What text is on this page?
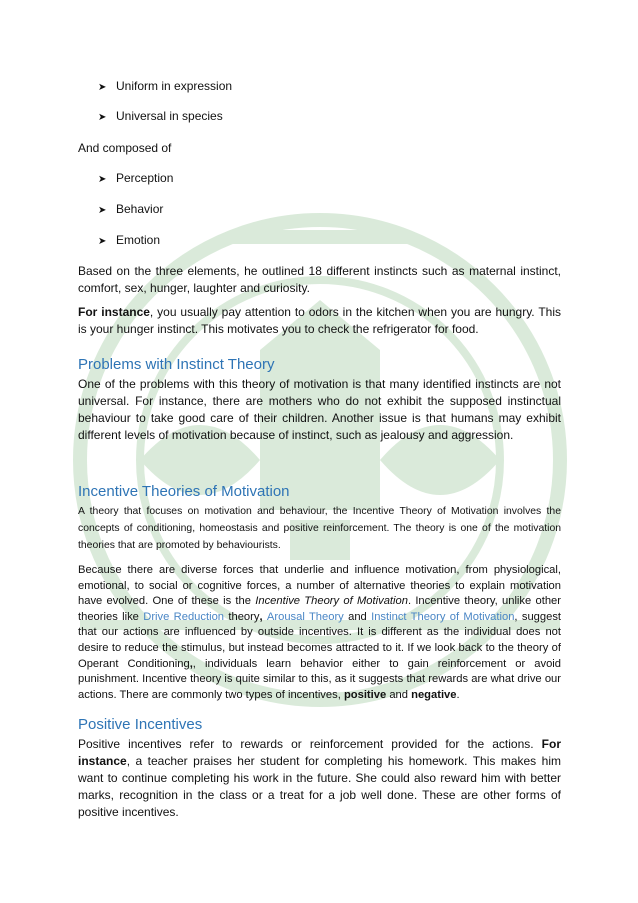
➤ Uniform in expression
➤ Universal in species
And composed of
➤ Perception
➤ Behavior
➤ Emotion
Based on the three elements, he outlined 18 different instincts such as maternal instinct, comfort, sex, hunger, laughter and curiosity.
For instance, you usually pay attention to odors in the kitchen when you are hungry. This is your hunger instinct. This motivates you to check the refrigerator for food.
Problems with Instinct Theory
One of the problems with this theory of motivation is that many identified instincts are not universal. For instance, there are mothers who do not exhibit the supposed instinctual behaviour to take good care of their children. Another issue is that humans may exhibit different levels of motivation because of instinct, such as jealousy and aggression.
Incentive Theories of Motivation
A theory that focuses on motivation and behaviour, the Incentive Theory of Motivation involves the concepts of conditioning, homeostasis and positive reinforcement. The theory is one of the motivation theories that are promoted by behaviourists.
Because there are diverse forces that underlie and influence motivation, from physiological, emotional, to social or cognitive forces, a number of alternative theories to explain motivation have evolved. One of these is the Incentive Theory of Motivation. Incentive theory, unlike other theories like Drive Reduction theory, Arousal Theory and Instinct Theory of Motivation, suggest that our actions are influenced by outside incentives. It is different as the individual does not desire to reduce the stimulus, but instead becomes attracted to it. If we look back to the theory of Operant Conditioning,, individuals learn behavior either to gain reinforcement or avoid punishment. Incentive theory is quite similar to this, as it suggests that rewards are what drive our actions. There are commonly two types of incentives, positive and negative.
Positive Incentives
Positive incentives refer to rewards or reinforcement provided for the actions. For instance, a teacher praises her student for completing his homework. This makes him want to continue completing his work in the future. She could also reward him with better marks, recognition in the class or a treat for a job well done. These are other forms of positive incentives.
